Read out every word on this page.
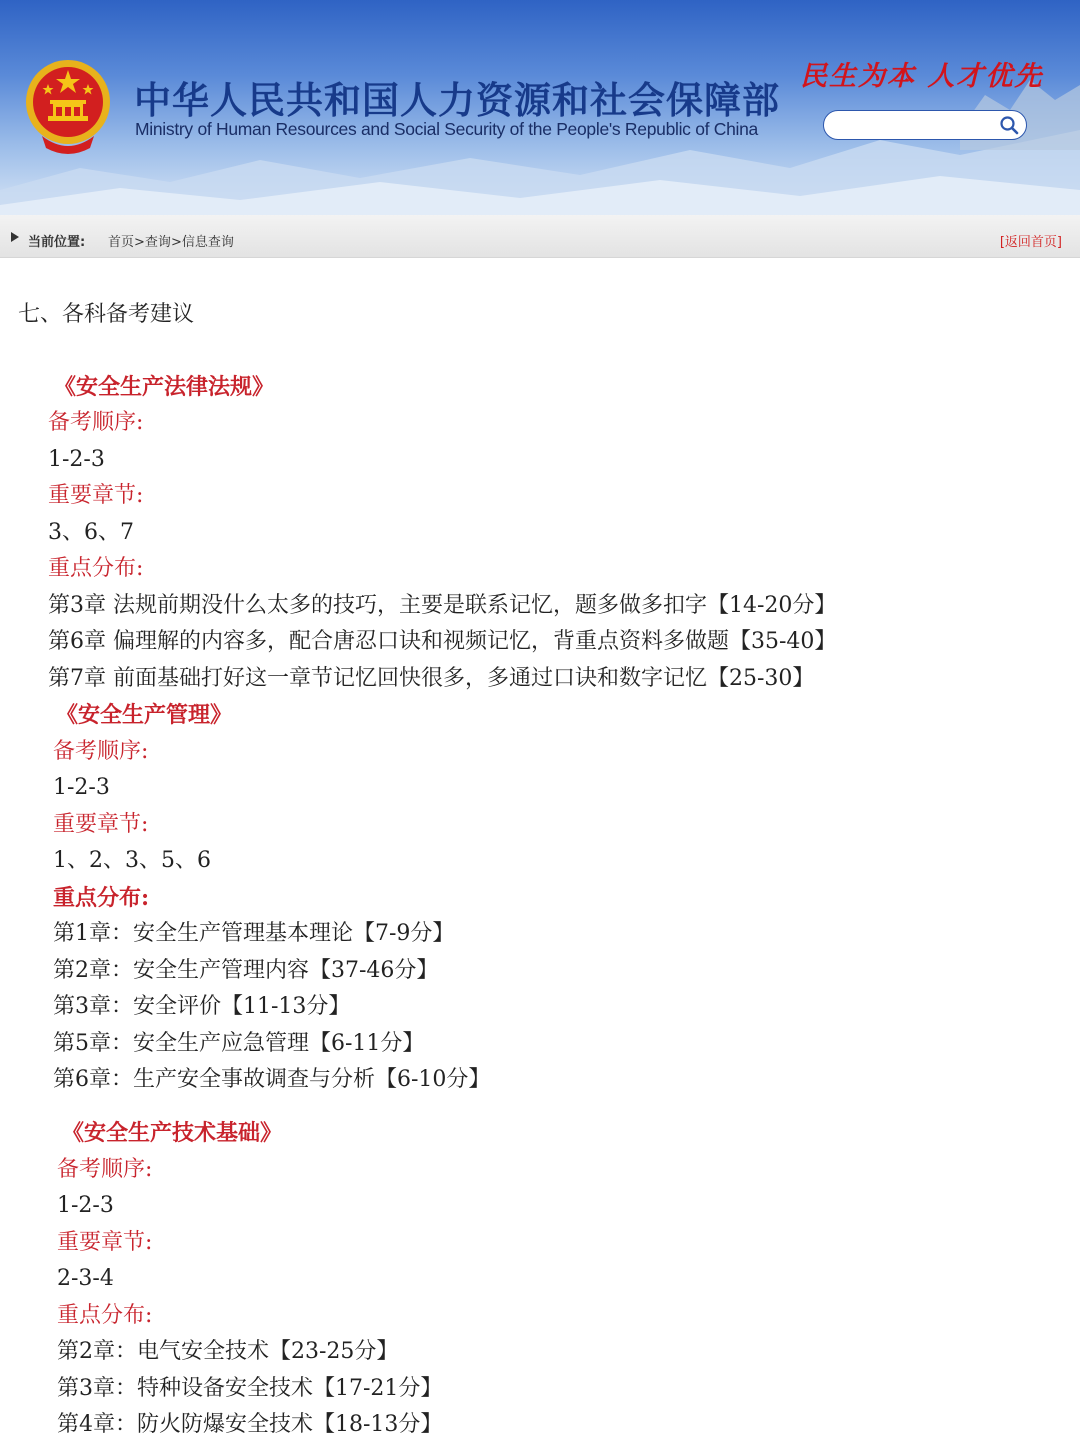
中华人民共和国人力资源和社会保障部
Ministry of Human Resources and Social Security of the People's Republic of China
民生为本 人才优先
当前位置: 首页>查询>信息查询	[返回首页]
七、各科备考建议
《安全生产法律法规》
备考顺序:
1-2-3
重要章节:
3、6、7
重点分布:
第3章 法规前期没什么太多的技巧，主要是联系记忆，题多做多扣字【14-20分】
第6章 偏理解的内容多，配合唐忍口诀和视频记忆，背重点资料多做题【35-40】
第7章 前面基础打好这一章节记忆回快很多，多通过口诀和数字记忆【25-30】
《安全生产管理》
备考顺序:
1-2-3
重要章节:
1、2、3、5、6
重点分布:
第1章：安全生产管理基本理论【7-9分】
第2章：安全生产管理内容【37-46分】
第3章：安全评价【11-13分】
第5章：安全生产应急管理【6-11分】
第6章：生产安全事故调查与分析【6-10分】
《安全生产技术基础》
备考顺序:
1-2-3
重要章节:
2-3-4
重点分布:
第2章：电气安全技术【23-25分】
第3章：特种设备安全技术【17-21分】
第4章：防火防爆安全技术【18-13分】
